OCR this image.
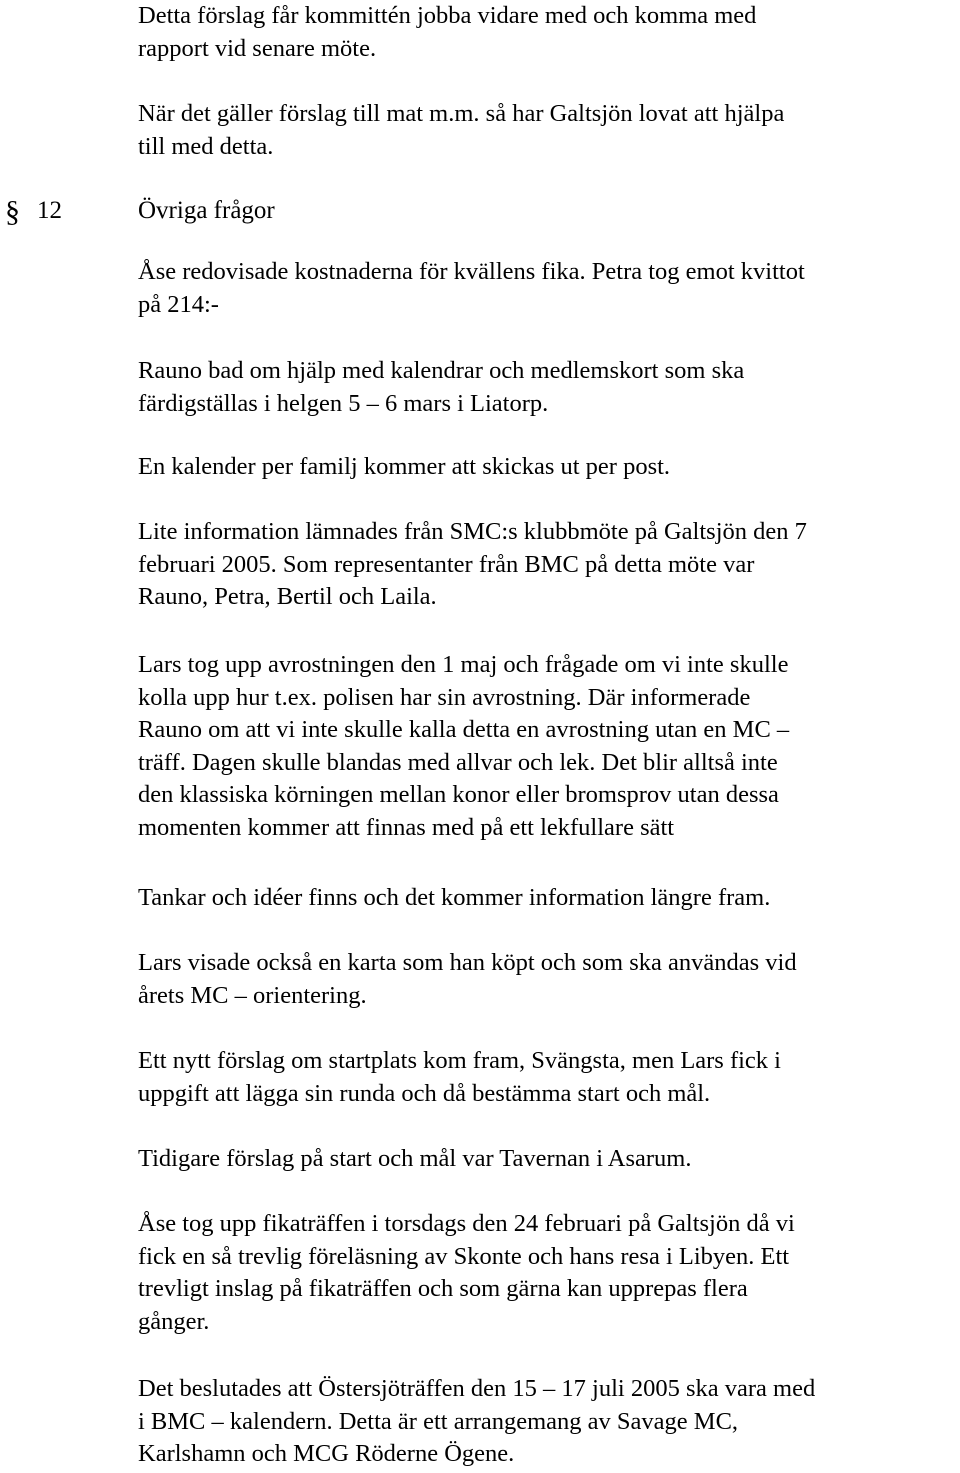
Detta förslag får kommittén jobba vidare med och komma med
rapport vid senare möte.

När det gäller förslag till mat m.m. så har Galtsjön lovat att hjälpa
till med detta.

§ 12	Övriga frågor

Åse redovisade kostnaderna för kvällens fika. Petra tog emot kvittot
på 214:-

Rauno bad om hjälp med kalendrar och medlemskort som ska
färdigställas i helgen 5 – 6 mars i Liatorp.

En kalender per familj kommer att skickas ut per post.

Lite information lämnades från SMC:s klubbmöte på Galtsjön den 7
februari 2005. Som representanter från BMC på detta möte var
Rauno, Petra, Bertil och Laila.

Lars tog upp avrostningen den 1 maj och frågade om vi inte skulle
kolla upp hur t.ex. polisen har sin avrostning. Där informerade
Rauno om att vi inte skulle kalla detta en avrostning utan en MC –
träff. Dagen skulle blandas med allvar och lek. Det blir alltså inte
den klassiska körningen mellan konor eller bromsprov utan dessa
momenten kommer att finnas med på ett lekfullare sätt

Tankar och idéer finns och det kommer information längre fram.

Lars visade också en karta som han köpt och som ska användas vid
årets MC – orientering.

Ett nytt förslag om startplats kom fram, Svängsta, men Lars fick i
uppgift att lägga sin runda och då bestämma start och mål.

Tidigare förslag på start och mål var Tavernan i Asarum.

Åse tog upp fikaträffen i torsdags den 24 februari på Galtsjön då vi
fick en så trevlig föreläsning av Skonte och hans resa i Libyen. Ett
trevligt inslag på fikaträffen och som gärna kan upprepas flera
gånger.

Det beslutades att Östersjöträffen den 15 – 17 juli 2005 ska vara med
i BMC – kalendern. Detta är ett arrangemang av Savage MC,
Karlshamn och MCG Röderne Ögene.
